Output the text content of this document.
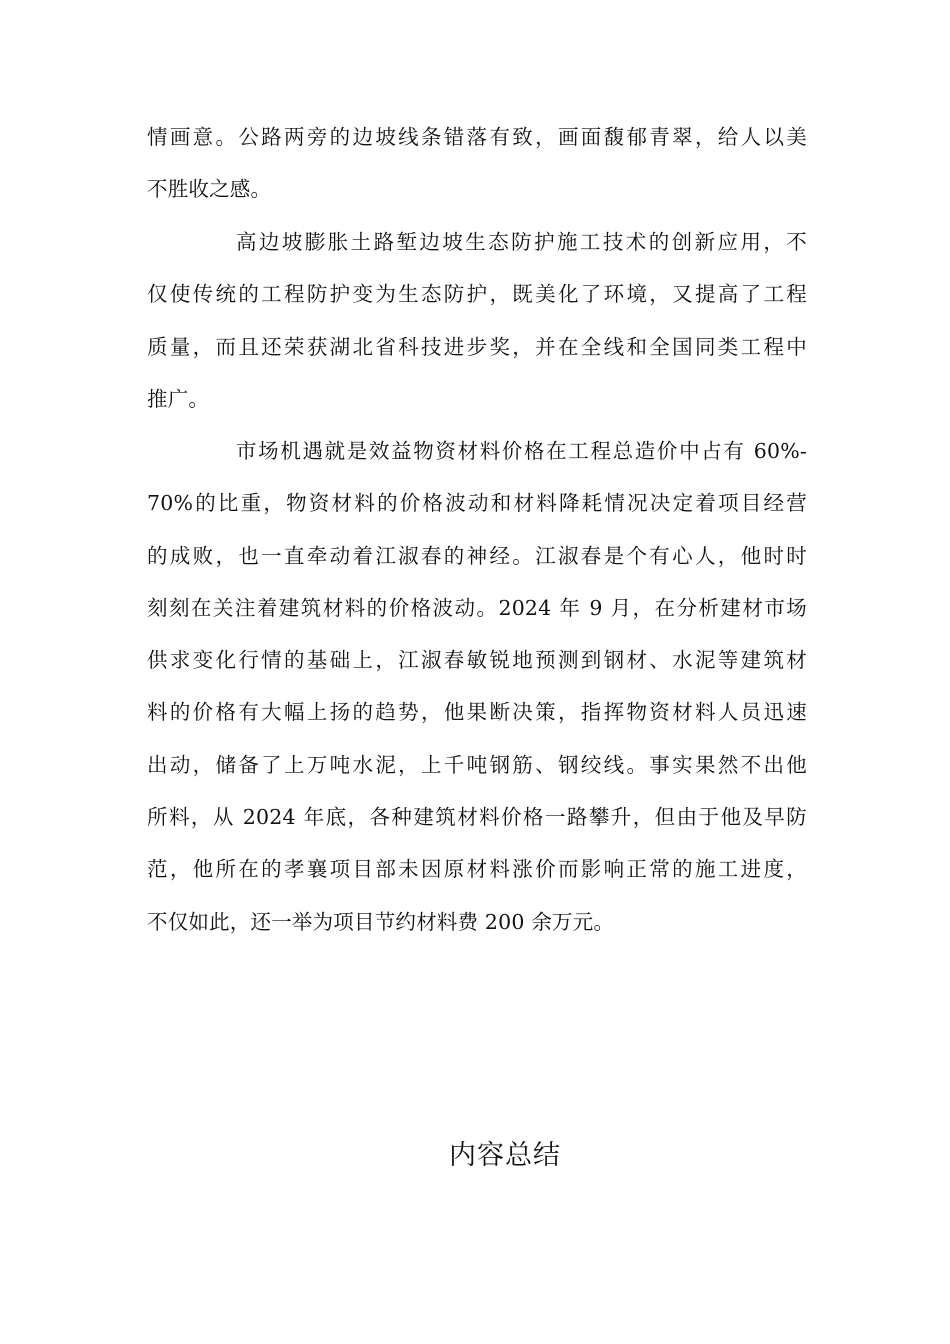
情画意。公路两旁的边坡线条错落有致，画面馥郁青翠，给人以美
不胜收之感。

高边坡膨胀土路堑边坡生态防护施工技术的创新应用，不
仅使传统的工程防护变为生态防护，既美化了环境，又提高了工程
质量，而且还荣获湖北省科技进步奖，并在全线和全国同类工程中
推广。

市场机遇就是效益物资材料价格在工程总造价中占有 60%-
70%的比重，物资材料的价格波动和材料降耗情况决定着项目经营
的成败，也一直牵动着江淑春的神经。江淑春是个有心人，他时时
刻刻在关注着建筑材料的价格波动。2024 年 9 月，在分析建材市场
供求变化行情的基础上，江淑春敏锐地预测到钢材、水泥等建筑材
料的价格有大幅上扬的趋势，他果断决策，指挥物资材料人员迅速
出动，储备了上万吨水泥，上千吨钢筋、钢绞线。事实果然不出他
所料，从 2024 年底，各种建筑材料价格一路攀升，但由于他及早防
范，他所在的孝襄项目部未因原材料涨价而影响正常的施工进度，
不仅如此，还一举为项目节约材料费 200 余万元。

内容总结
